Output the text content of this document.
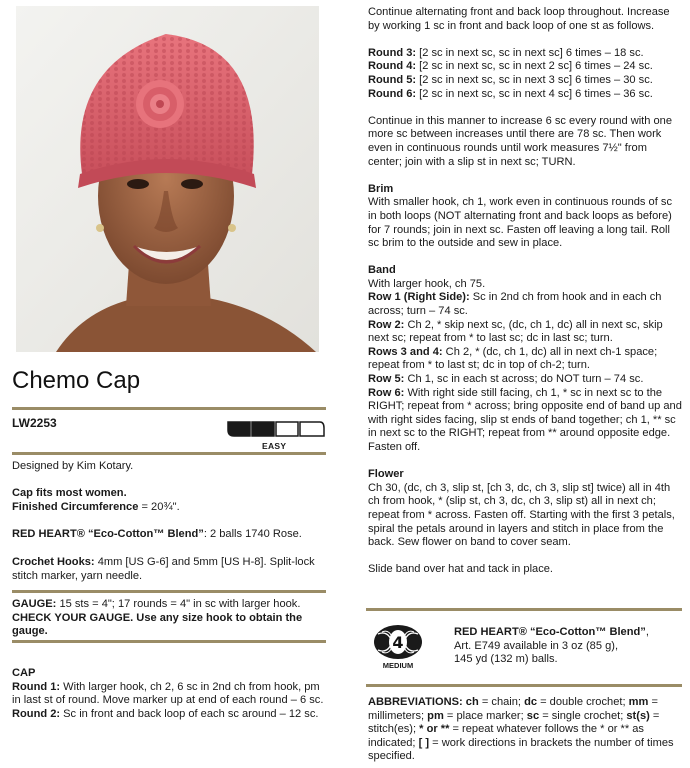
Chemo Cap
LW2253
EASY

Designed by Kim Kotary.

Cap fits most women.
Finished Circumference = 20¾".

RED HEART® “Eco-Cotton™ Blend”: 2 balls 1740 Rose.

Crochet Hooks: 4mm [US G-6] and 5mm [US H-8]. Split-lock stitch marker, yarn needle.

GAUGE: 15 sts = 4"; 17 rounds = 4" in sc with larger hook.
CHECK YOUR GAUGE. Use any size hook to obtain the gauge.

CAP

Round 1: With larger hook, ch 2, 6 sc in 2nd ch from hook, pm in last st of round. Move marker up at end of each round – 6 sc.

Round 2: Sc in front and back loop of each sc around – 12 sc.

Continue alternating front and back loop throughout. Increase by working 1 sc in front and back loop of one st as follows.

Round 3: [2 sc in next sc, sc in next sc] 6 times – 18 sc.

Round 4: [2 sc in next sc, sc in next 2 sc] 6 times – 24 sc.

Round 5: [2 sc in next sc, sc in next 3 sc] 6 times – 30 sc.

Round 6: [2 sc in next sc, sc in next 4 sc] 6 times – 36 sc.

Continue in this manner to increase 6 sc every round with one more sc between increases until there are 78 sc. Then work even in continuous rounds until work measures 7½" from center; join with a slip st in next sc; TURN.

Brim

With smaller hook, ch 1, work even in continuous rounds of sc in both loops (NOT alternating front and back loops as before) for 7 rounds; join in next sc. Fasten off leaving a long tail. Roll sc brim to the outside and sew in place.

Band

With larger hook, ch 75.

Row 1 (Right Side): Sc in 2nd ch from hook and in each ch across; turn – 74 sc.

Row 2: Ch 2, * skip next sc, (dc, ch 1, dc) all in next sc, skip next sc; repeat from * to last sc; dc in last sc; turn.

Rows 3 and 4: Ch 2, * (dc, ch 1, dc) all in next ch-1 space; repeat from * to last st; dc in top of ch-2; turn.

Row 5: Ch 1, sc in each st across; do NOT turn – 74 sc.

Row 6: With right side still facing, ch 1, * sc in next sc to the RIGHT; repeat from * across; bring opposite end of band up and with right sides facing, slip st ends of band together; ch 1, ** sc in next sc to the RIGHT; repeat from ** around opposite edge. Fasten off.

Flower

Ch 30, (dc, ch 3, slip st, [ch 3, dc, ch 3, slip st] twice) all in 4th ch from hook, * (slip st, ch 3, dc, ch 3, slip st) all in next ch; repeat from * across. Fasten off. Starting with the first 3 petals, spiral the petals around in layers and stitch in place from the back. Sew flower on band to cover seam.

Slide band over hat and tack in place.

4
MEDIUM

RED HEART® “Eco-Cotton™ Blend”,

Art. E749 available in 3 oz (85 g),

145 yd (132 m) balls.

ABBREVIATIONS: ch = chain; dc = double crochet; mm = millimeters; pm = place marker; sc = single crochet; st(s) = stitch(es); * or ** = repeat whatever follows the * or ** as indicated; [ ] = work directions in brackets the number of times specified.
